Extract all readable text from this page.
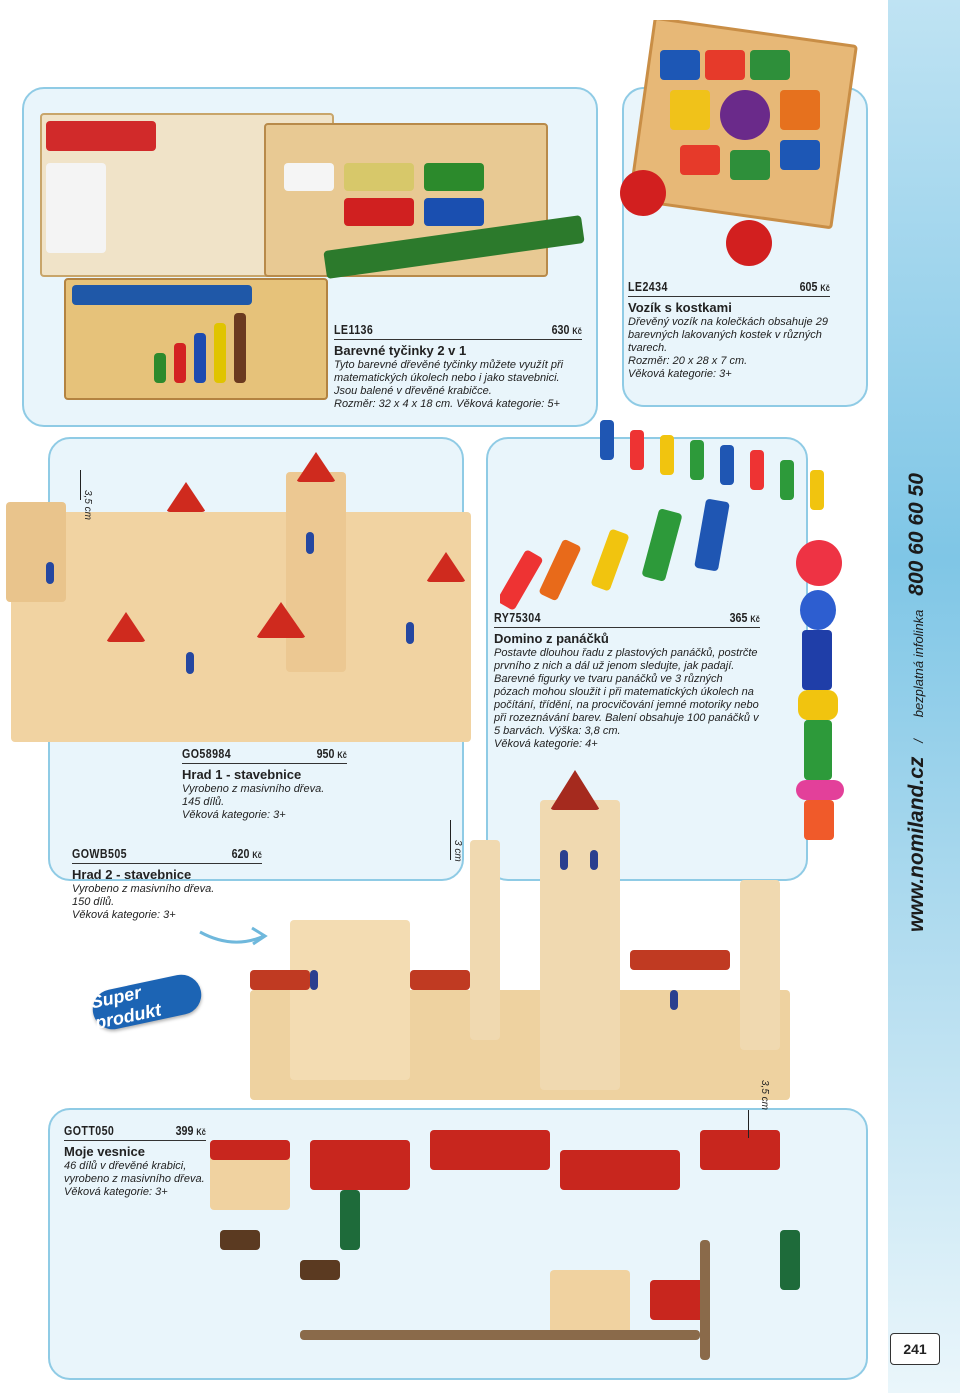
www.nomiland.cz / bezplatná infolinka 800 60 60 50
LE1136	630 Kč
Barevné tyčinky 2 v 1
Tyto barevné dřevěné tyčinky můžete využít při matematických úkolech nebo i jako stavebnici. Jsou balené v dřevěné krabičce.
Rozměr: 32 x 4 x 18 cm. Věková kategorie: 5+
LE2434	605 Kč
Vozík s kostkami
Dřevěný vozík na kolečkách obsahuje 29 barevných lakovaných kostek v různých tvarech.
Rozměr: 20 x 28 x 7 cm.
Věková kategorie: 3+
3,5 cm
GO58984	950 Kč
Hrad 1 - stavebnice
Vyrobeno z masivního dřeva.
145 dílů.
Věková kategorie: 3+
GOWB505	620 Kč
Hrad 2 - stavebnice
Vyrobeno z masivního dřeva.
150 dílů.
Věková kategorie: 3+
Super produkt
RY75304	365 Kč
Domino z panáčků
Postavte dlouhou řadu z plastových panáčků, postrčte prvního z nich a dál už jenom sledujte, jak padají. Barevné figurky ve tvaru panáčků ve 3 různých pózach mohou sloužit i při matematických úkolech na počítání, třídění, na procvičování jemné motoriky nebo při rozeznávání barev. Balení obsahuje 100 panáčků v 5 barvách. Výška: 3,8 cm.
Věková kategorie: 4+
3 cm
3,5 cm
GOTT050	399 Kč
Moje vesnice
46 dílů v dřevěné krabici, vyrobeno z masivního dřeva.
Věková kategorie: 3+
241
